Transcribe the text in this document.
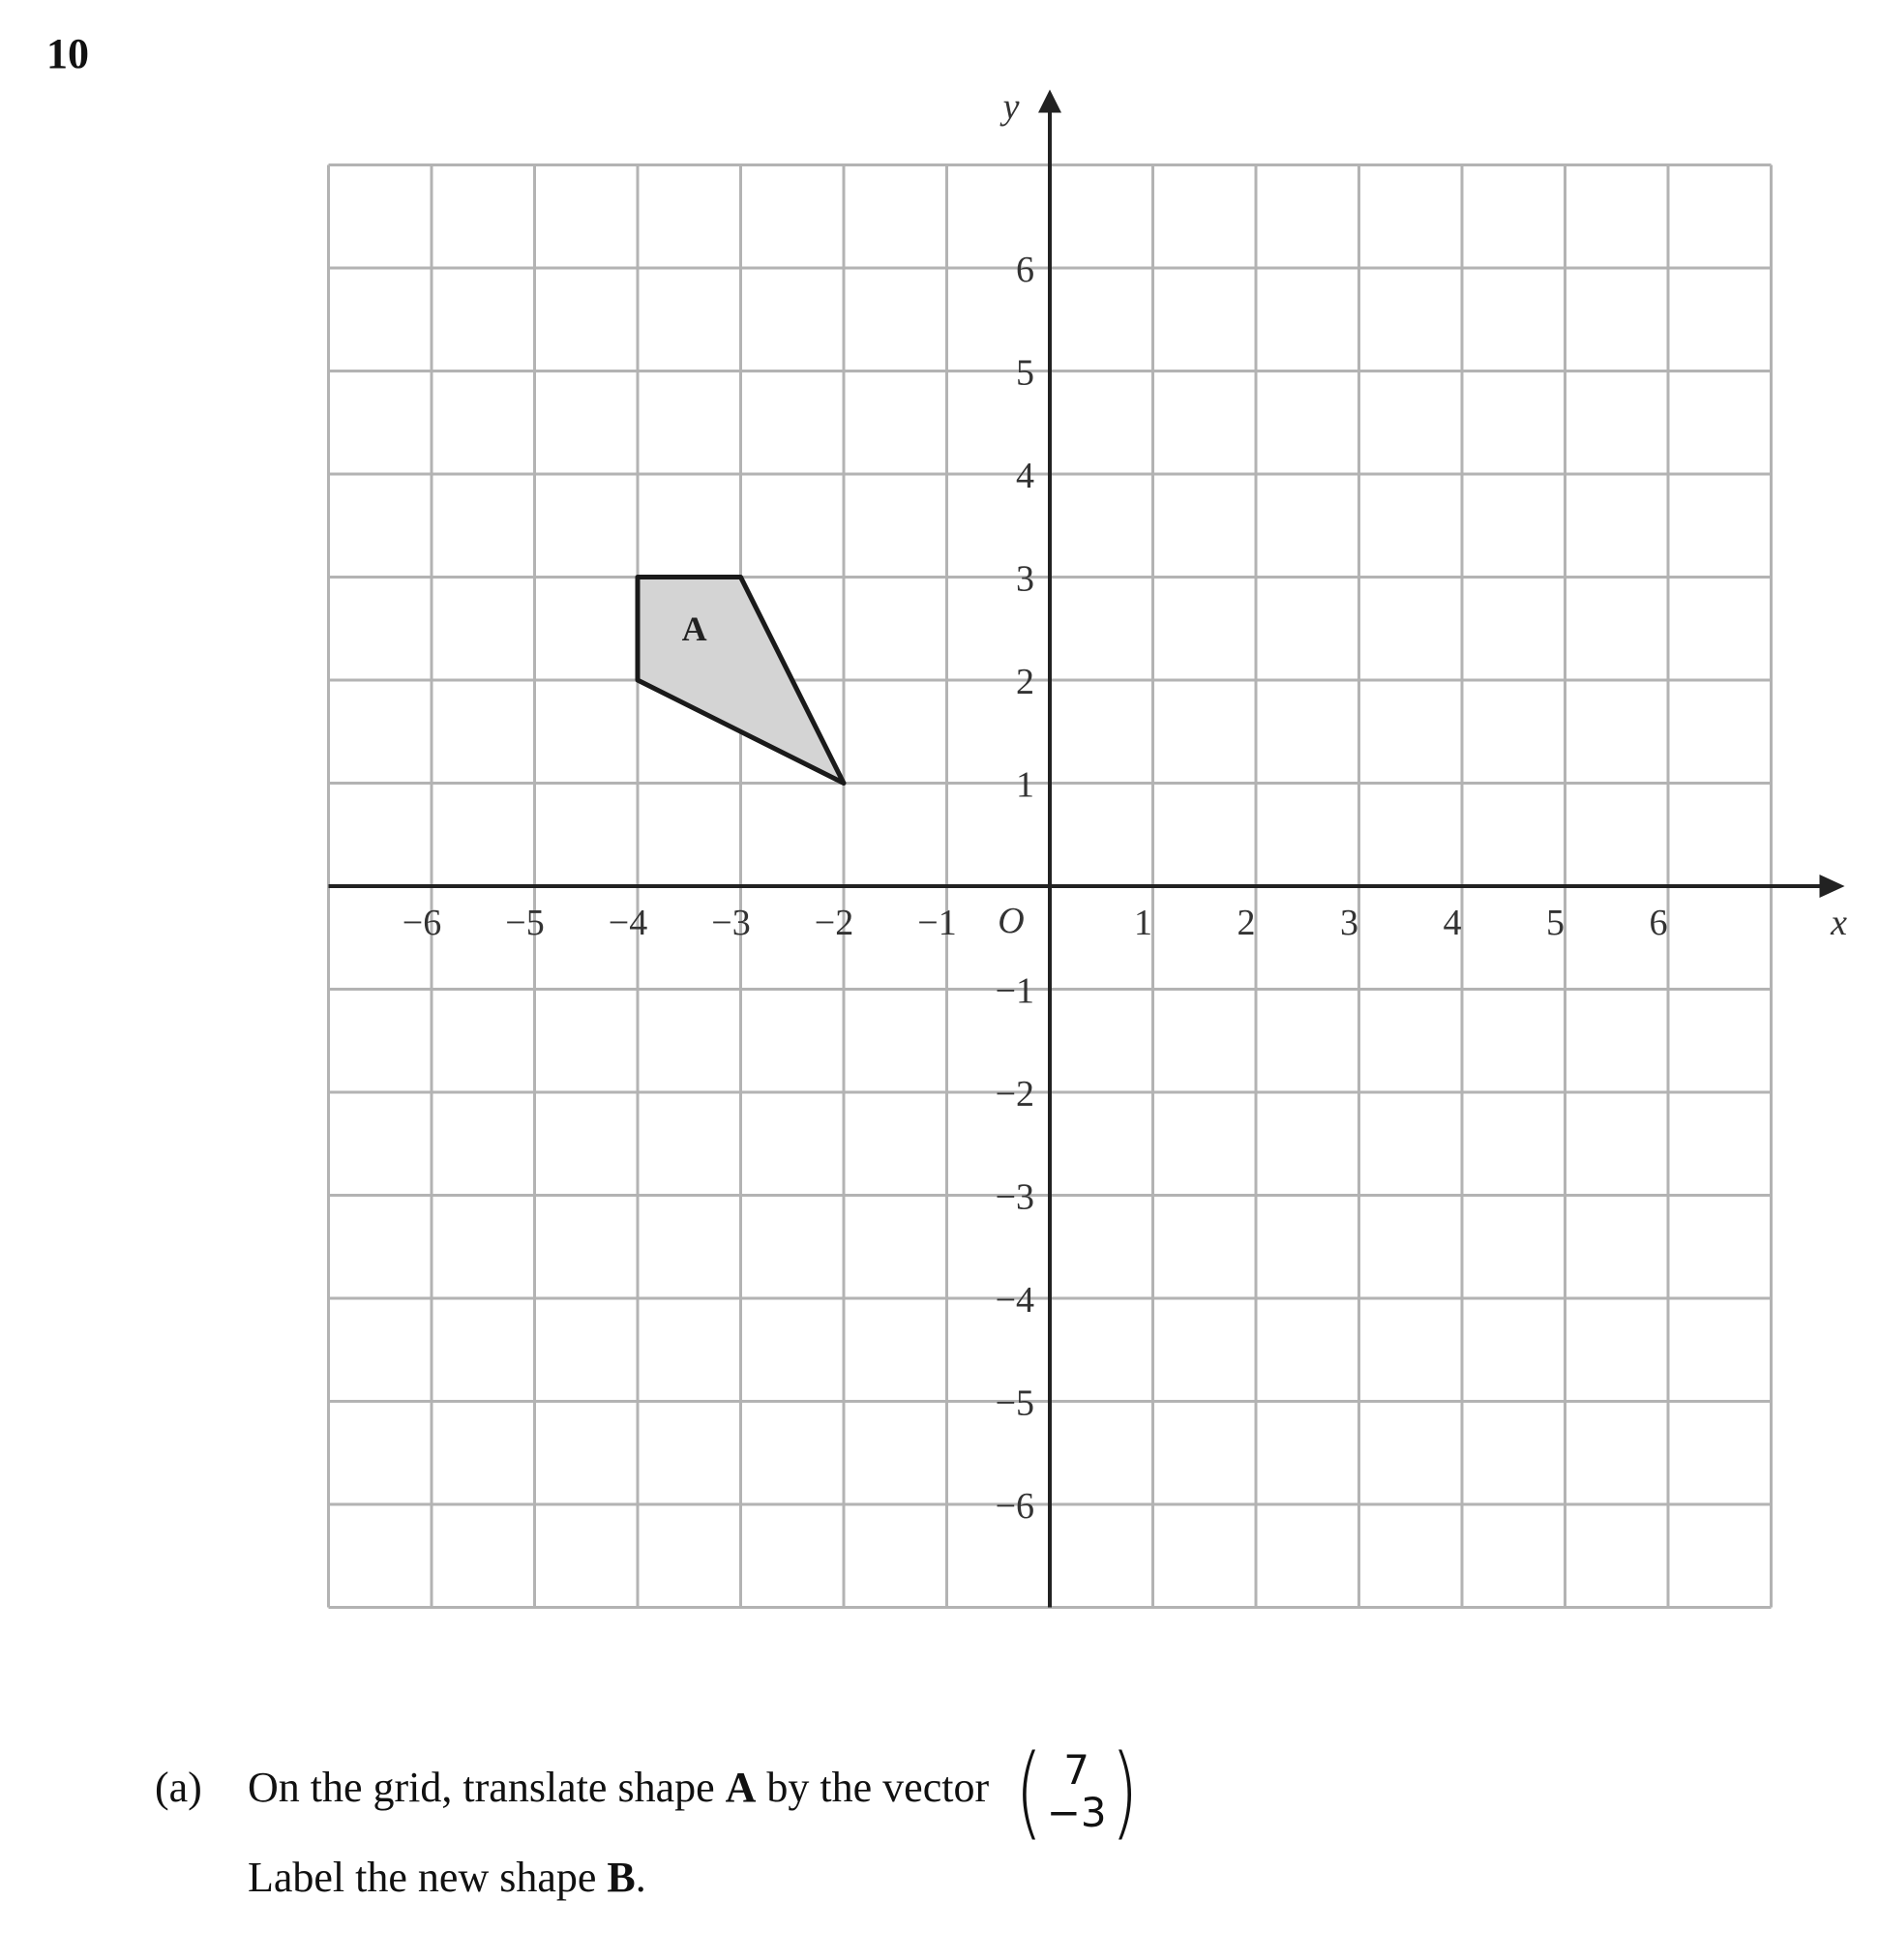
10
−6 −5 −4 −3 −2 −1	1 2 3 4 5 6
6
5
4
3
2
1
−1
−2
−3
−4
−5
−6
O	x
y
A
(a) On the grid, translate shape A by the vector ( 7
−3 )
Label the new shape B.
